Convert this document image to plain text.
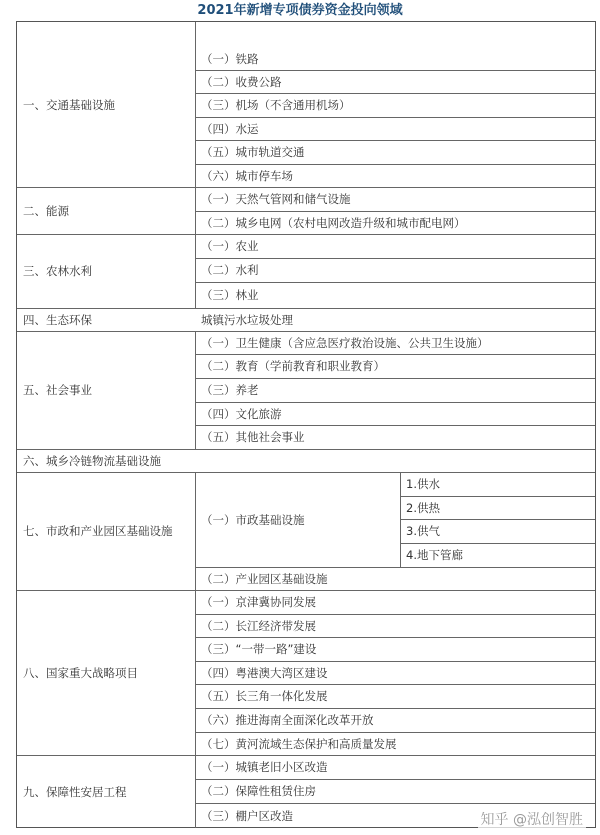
2021年新增专项债券资金投向领域
一、交通基础设施
二、能源
三、农林水利
四、生态环保
五、社会事业
六、城乡冷链物流基础设施
七、市政和产业园区基础设施
八、国家重大战略项目
九、保障性安居工程
（一）铁路
（二）收费公路
（三）机场（不含通用机场）
（四）水运
（五）城市轨道交通
（六）城市停车场
（一）天然气管网和储气设施
（二）城乡电网（农村电网改造升级和城市配电网）
（一）农业
（二）水利
（三）林业
城镇污水垃圾处理
（一）卫生健康（含应急医疗救治设施、公共卫生设施）
（二）教育（学前教育和职业教育）
（三）养老
（四）文化旅游
（五）其他社会事业
（一）市政基础设施
1.供水
2.供热
3.供气
4.地下管廊
（二）产业园区基础设施
（一）京津冀协同发展
（二）长江经济带发展
（三）“一带一路”建设
（四）粤港澳大湾区建设
（五）长三角一体化发展
（六）推进海南全面深化改革开放
（七）黄河流域生态保护和高质量发展
（一）城镇老旧小区改造
（二）保障性租赁住房
（三）棚户区改造	知乎 @泓创智胜
